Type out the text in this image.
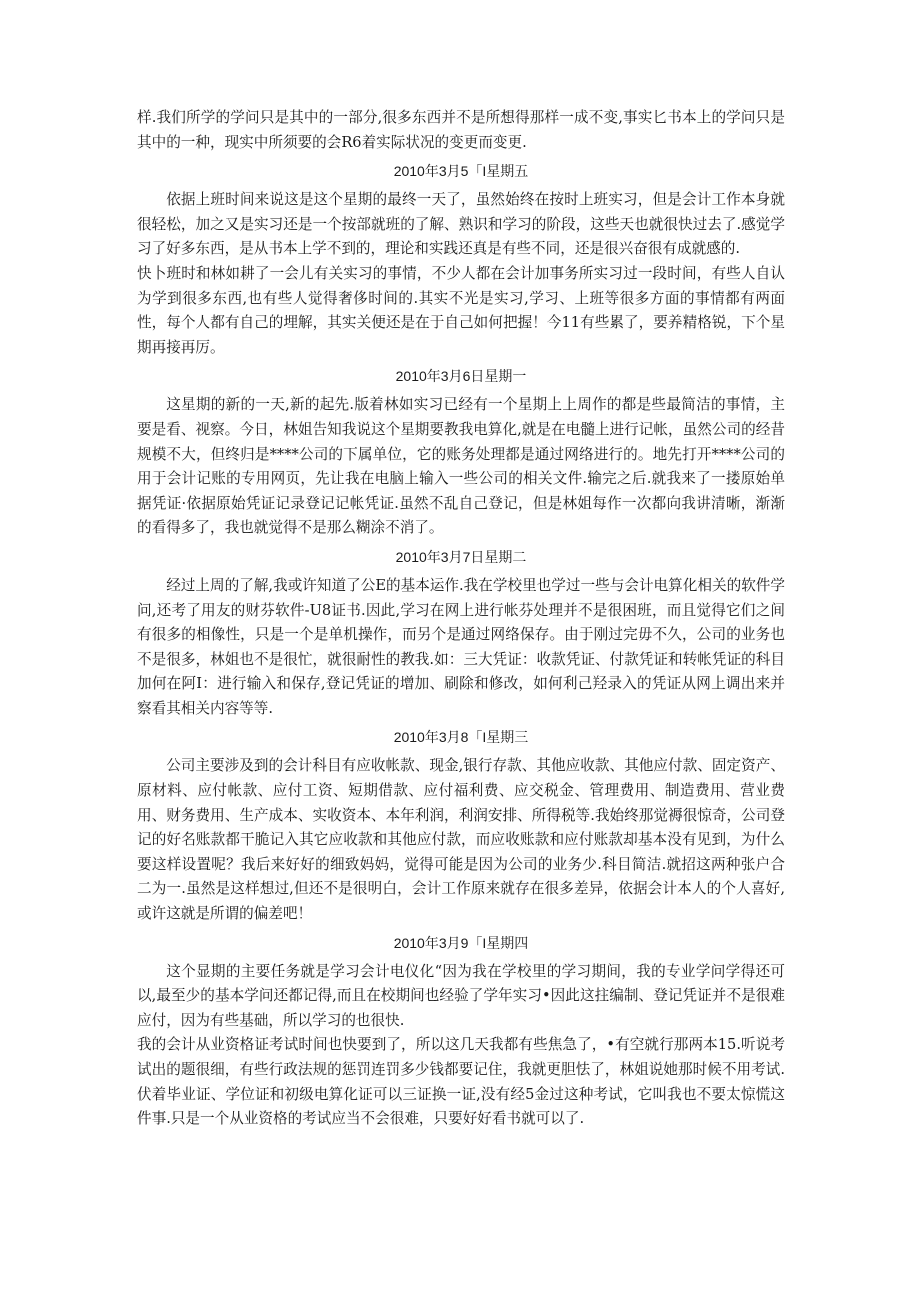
样.我们所学的学问只是其中的一部分,很多东西并不是所想得那样一成不变,事实匕书本上的学问只是其中的一种，现实中所须要的会R6着实际状况的变更而变更.

2010年3月5「I星期五

依据上班时间来说这是这个星期的最终一天了，虽然始终在按时上班实习，但是会计工作本身就很轻松，加之又是实习还是一个按部就班的了解、熟识和学习的阶段，这些天也就很快过去了.感觉学习了好多东西，是从书本上学不到的，理论和实践还真是有些不同，还是很兴奋很有成就感的.

快卜班时和林如耕了一会儿有关实习的事情，不少人都在会计加事务所实习过一段时间，有些人自认为学到很多东西,也有些人觉得奢侈时间的.其实不光是实习,学习、上班等很多方面的事情都有两面性，每个人都有自己的埋解，其实关便还是在于自己如何把握！今11有些累了，要养精格锐，下个星期再接再厉。

2010年3月6日星期一

这星期的新的一天,新的起先.版着林如实习已经有一个星期上上周作的都是些最简洁的事情，主要是看、视察。今日，林姐告知我说这个星期要教我电算化,就是在电髓上进行记帐，虽然公司的经昔规模不大，但终归是****公司的下属单位，它的账务处理都是通过网络进行的。地先打开****公司的用于会计记账的专用网页，先让我在电脑上输入一些公司的相关文件.输完之后.就我来了一搂原始单据凭证·依据原始凭证记录登记记帐凭证.虽然不乱自己登记，但是林姐每作一次都向我讲清晰，渐渐的看得多了，我也就觉得不是那么糊涂不消了。

2010年3月7日星期二

经过上周的了解,我或许知道了公E的基本运作.我在学校里也学过一些与会计电算化相关的软件学问,还考了用友的财芬软件-U8证书.因此,学习在网上进行帐芬处理并不是很困班，而且觉得它们之间有很多的相像性，只是一个是单机操作，而另个是通过网络保存。由于刚过完毋不久，公司的业务也不是很多，林姐也不是很忙，就很耐性的教我.如：三大凭证：收款凭证、付款凭证和转帐凭证的科目加何在阿I：进行输入和保存,登记凭证的增加、刷除和修改，如何利己羟录入的凭证从网上调出来并察看其相关内容等等.

2010年3月8「I星期三

公司主要涉及到的会计科目有应收帐款、现金,银行存款、其他应收款、其他应付款、固定资产、原材料、应付帐款、应付工资、短期借款、应付福利费、应交税金、管理费用、制造费用、营业费用、财务费用、生产成本、实收资本、本年利润，利润安排、所得税等.我始终那觉褥很惊奇，公司登记的好名账款都干脆记入其它应收款和其他应付款，而应收账款和应付账款却基本没有见到，为什么要这样设置呢？我后来好好的细致妈妈，觉得可能是因为公司的业务少.科目简洁.就招这两种张户合二为一.虽然是这样想过,但还不是很明白，会计工作原来就存在很多差异，依据会计本人的个人喜好,或许这就是所谓的偏差吧！

2010年3月9「I星期四

这个显期的主要任务就是学习会计电仪化“因为我在学校里的学习期间，我的专业学问学得还可以,最至少的基本学问还都记得,而且在校期间也经验了学年实习•因此这拄编制、登记凭证并不是很难应付，因为有些基础，所以学习的也很快.

我的会计从业资格证考试时间也快要到了，所以这几天我都有些焦急了，•有空就行那两本15.听说考试出的题很细，有些行政法规的惩罚连罚多少钱都要记住，我就更胆怯了，林姐说她那时候不用考试.伏着毕业证、学位证和初级电算化证可以三证换一证,没有经5金过这种考试，它叫我也不要太惊慌这件事.只是一个从业资格的考试应当不会很难，只要好好看书就可以了.
